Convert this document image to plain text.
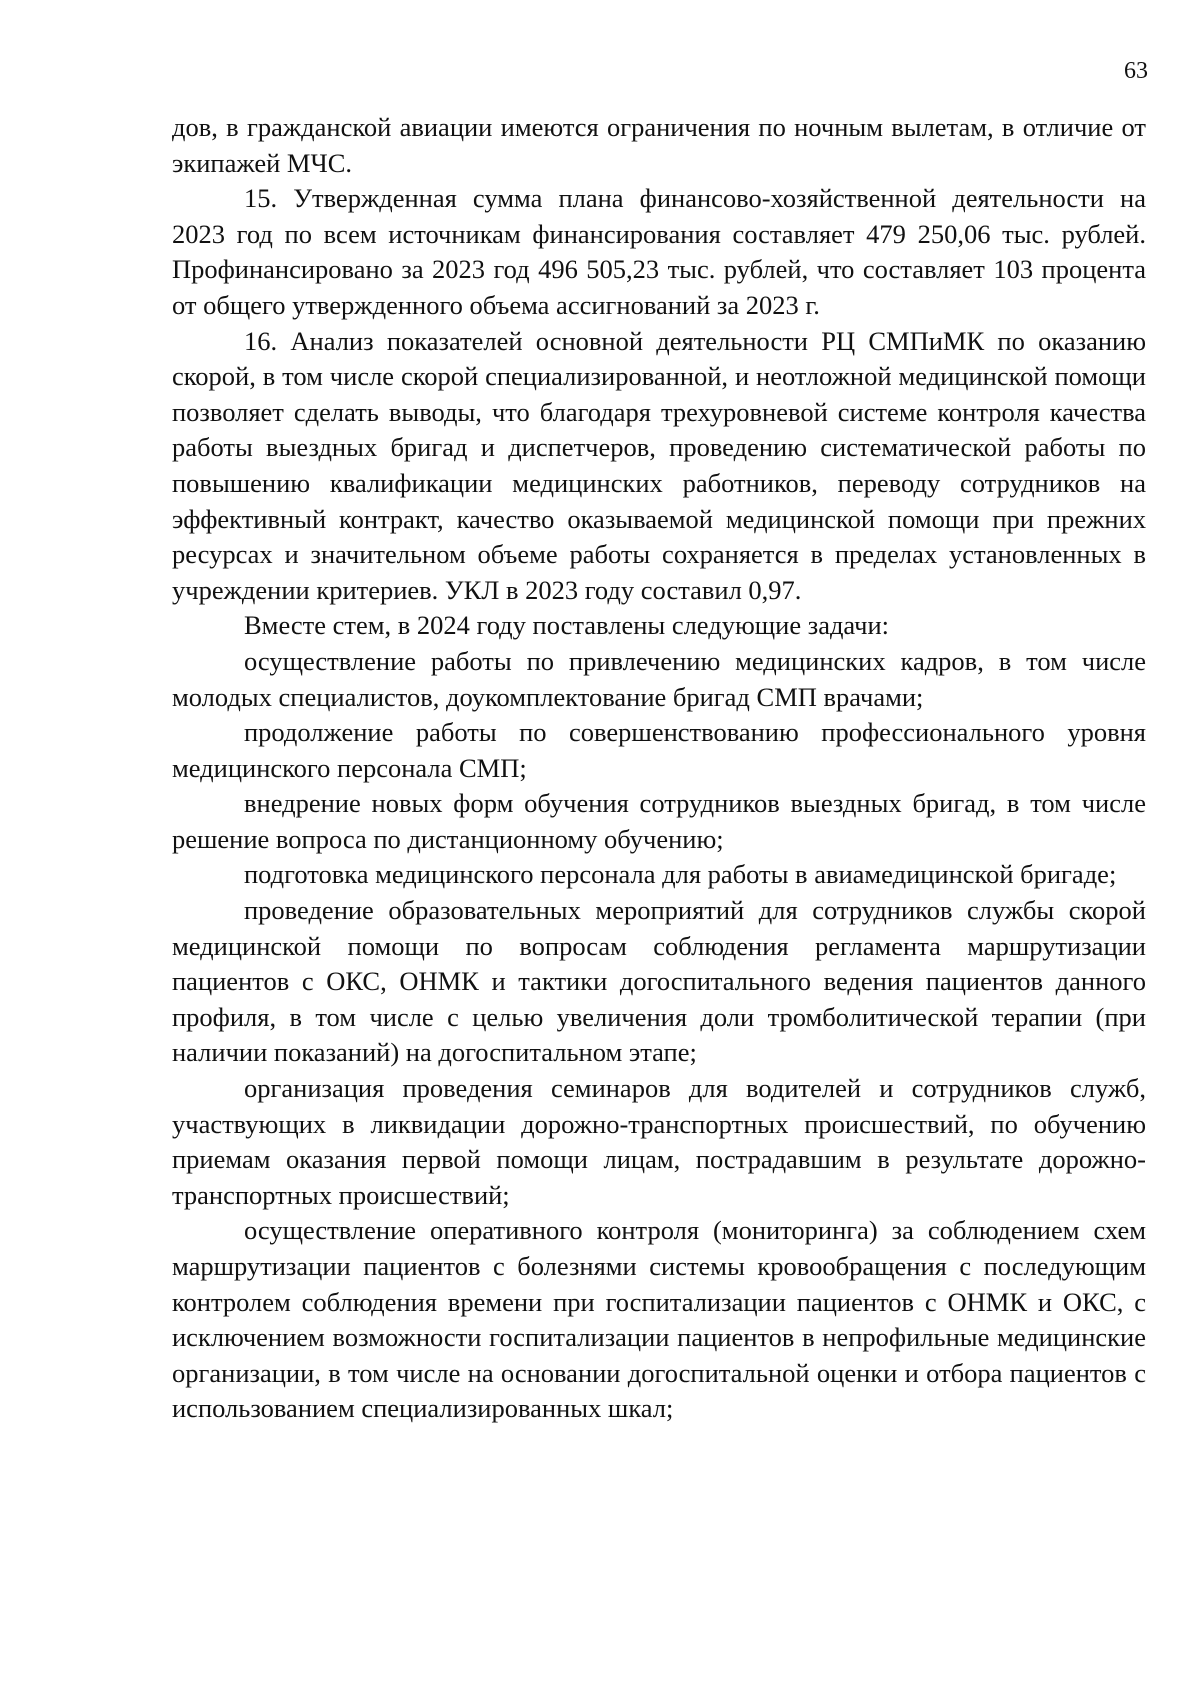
63

дов, в гражданской авиации имеются ограничения по ночным вылетам, в отличие от экипажей МЧС.

15. Утвержденная сумма плана финансово-хозяйственной деятельности на 2023 год по всем источникам финансирования составляет 479 250,06 тыс. рублей. Профинансировано за 2023 год 496 505,23 тыс. рублей, что составляет 103 процента от общего утвержденного объема ассигнований за 2023 г.

16. Анализ показателей основной деятельности РЦ СМПиМК по оказанию скорой, в том числе скорой специализированной, и неотложной медицинской помощи позволяет сделать выводы, что благодаря трехуровневой системе контроля качества работы выездных бригад и диспетчеров, проведению систематической работы по повышению квалификации медицинских работников, переводу сотрудников на эффективный контракт, качество оказываемой медицинской помощи при прежних ресурсах и значительном объеме работы сохраняется в пределах установленных в учреждении критериев. УКЛ в 2023 году составил 0,97.

Вместе стем, в 2024 году поставлены следующие задачи:

осуществление работы по привлечению медицинских кадров, в том числе молодых специалистов, доукомплектование бригад СМП врачами;

продолжение работы по совершенствованию профессионального уровня медицинского персонала СМП;

внедрение новых форм обучения сотрудников выездных бригад, в том числе решение вопроса по дистанционному обучению;

подготовка медицинского персонала для работы в авиамедицинской бригаде;

проведение образовательных мероприятий для сотрудников службы скорой медицинской помощи по вопросам соблюдения регламента маршрутизации пациентов с ОКС, ОНМК и тактики догоспитального ведения пациентов данного профиля, в том числе с целью увеличения доли тромболитической терапии (при наличии показаний) на догоспитальном этапе;

организация проведения семинаров для водителей и сотрудников служб, участвующих в ликвидации дорожно-транспортных происшествий, по обучению приемам оказания первой помощи лицам, пострадавшим в результате дорожно-транспортных происшествий;

осуществление оперативного контроля (мониторинга) за соблюдением схем маршрутизации пациентов с болезнями системы кровообращения с последующим контролем соблюдения времени при госпитализации пациентов с ОНМК и ОКС, с исключением возможности госпитализации пациентов в непрофильные медицинские организации, в том числе на основании догоспитальной оценки и отбора пациентов с использованием специализированных шкал;
